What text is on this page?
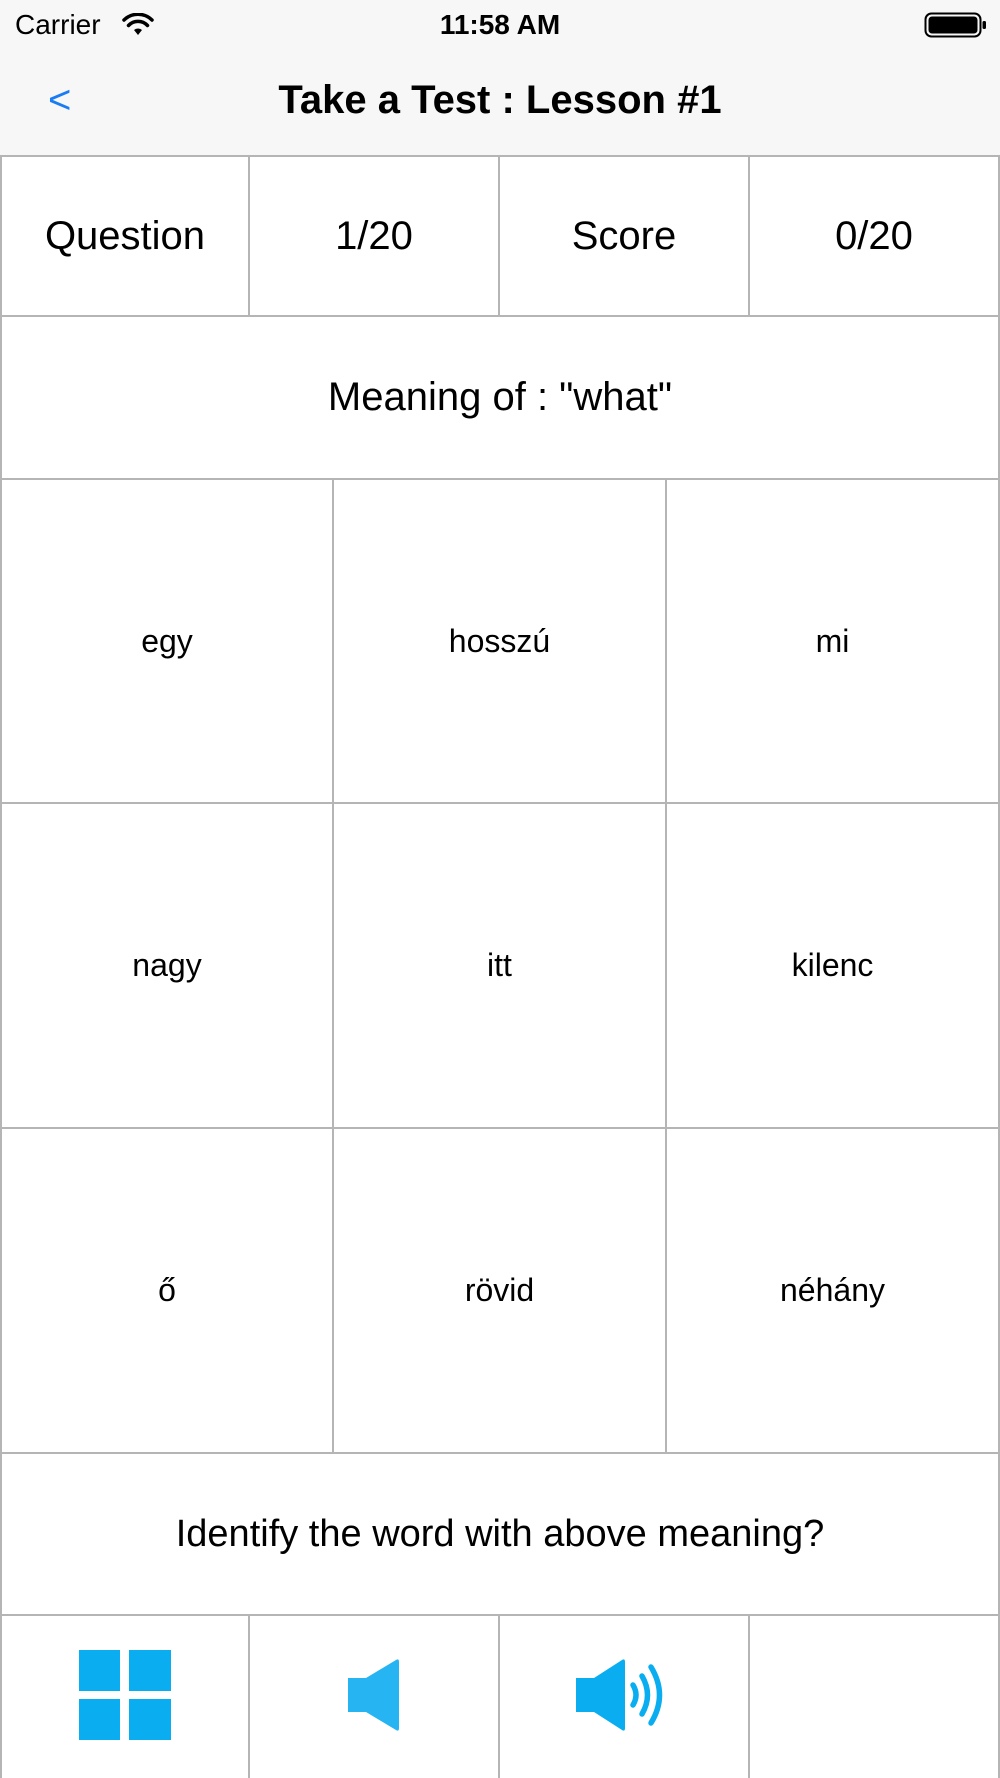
Carrier	11:58 AM
<	Take a Test : Lesson #1
Question	1/20	Score	0/20
Meaning of : "what"
egy	hosszú	mi
nagy	itt	kilenc
ő	rövid	néhány
Identify the word with above meaning?
